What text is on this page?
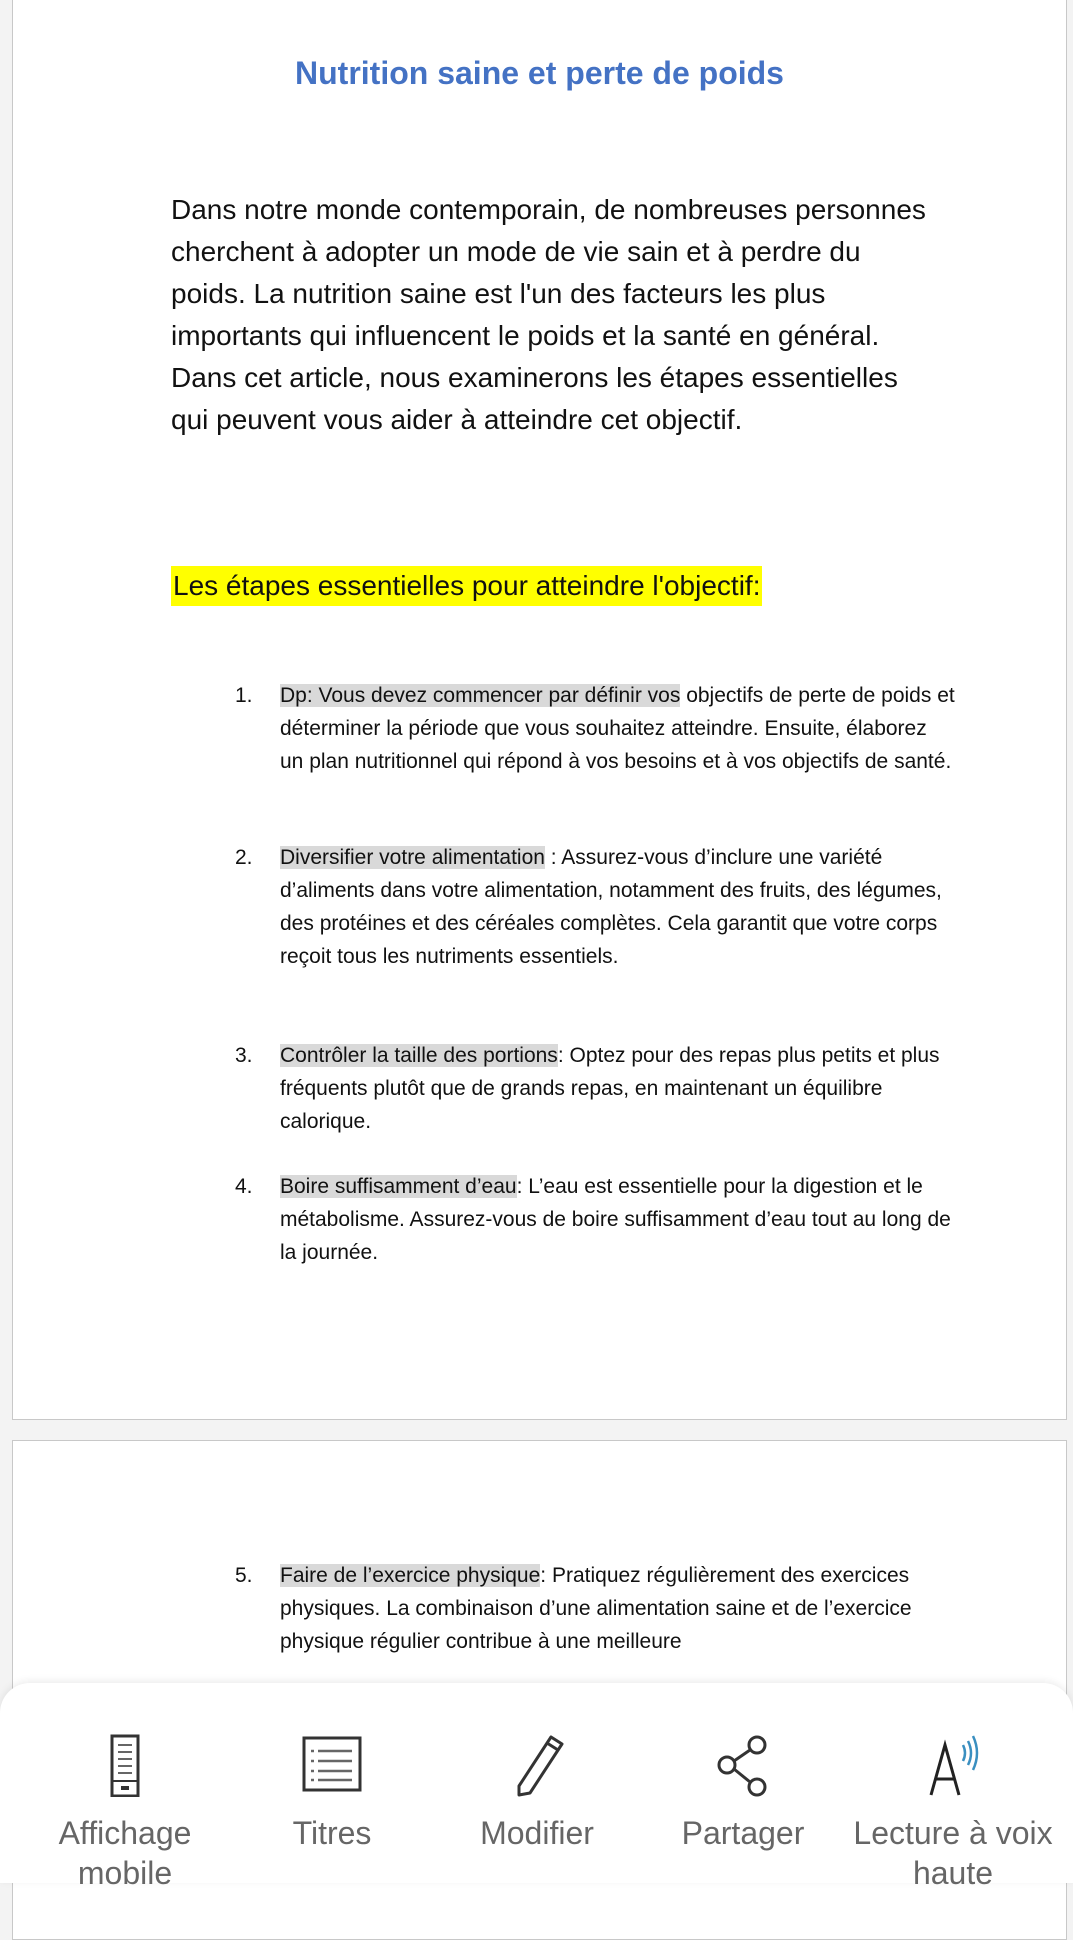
Nutrition saine et perte de poids
Dans notre monde contemporain, de nombreuses personnes cherchent à adopter un mode de vie sain et à perdre du poids. La nutrition saine est l'un des facteurs les plus importants qui influencent le poids et la santé en général. Dans cet article, nous examinerons les étapes essentielles qui peuvent vous aider à atteindre cet objectif.
Les étapes essentielles pour atteindre l'objectif:
1. Dp: Vous devez commencer par définir vos objectifs de perte de poids et déterminer la période que vous souhaitez atteindre. Ensuite, élaborez un plan nutritionnel qui répond à vos besoins et à vos objectifs de santé.
2. Diversifier votre alimentation : Assurez-vous d’inclure une variété d’aliments dans votre alimentation, notamment des fruits, des légumes, des protéines et des céréales complètes. Cela garantit que votre corps reçoit tous les nutriments essentiels.
3. Contrôler la taille des portions: Optez pour des repas plus petits et plus fréquents plutôt que de grands repas, en maintenant un équilibre calorique.
4. Boire suffisamment d’eau: L’eau est essentielle pour la digestion et le métabolisme. Assurez-vous de boire suffisamment d’eau tout au long de la journée.
5. Faire de l’exercice physique: Pratiquez régulièrement des exercices physiques. La combinaison d’une alimentation saine et de l’exercice physique régulier contribue à une meilleure
Affichage mobile
Titres	Modifier	Partager	Lecture à voix haute
